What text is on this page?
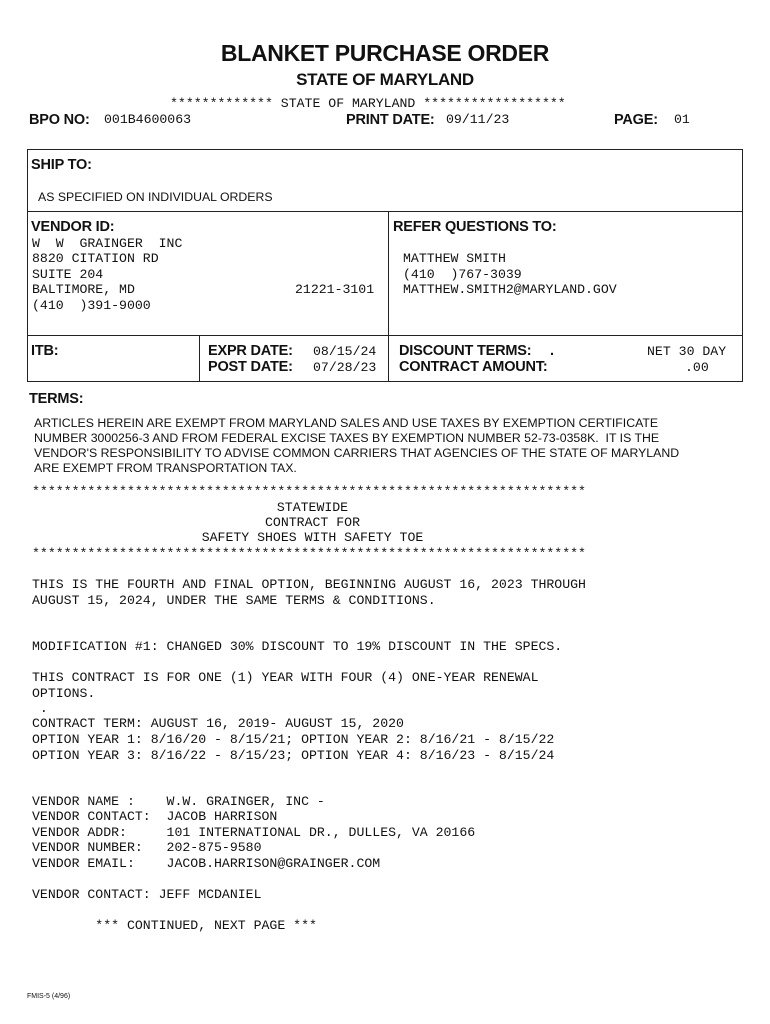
BLANKET PURCHASE ORDER
STATE OF MARYLAND
************* STATE OF MARYLAND ******************
BPO NO: 001B4600063	PRINT DATE: 09/11/23	PAGE: 01
SHIP TO:
AS SPECIFIED ON INDIVIDUAL ORDERS
VENDOR ID:
W  W  GRAINGER  INC
8820 CITATION RD
SUITE 204
BALTIMORE, MD
(410  )391-9000
21221-3101
REFER QUESTIONS TO:
MATTHEW SMITH
(410  )767-3039
MATTHEW.SMITH2@MARYLAND.GOV
ITB:	EXPR DATE: 08/15/24
POST DATE: 07/28/23
DISCOUNT TERMS: .	NET 30 DAY
CONTRACT AMOUNT:	.00
TERMS:
ARTICLES HEREIN ARE EXEMPT FROM MARYLAND SALES AND USE TAXES BY EXEMPTION CERTIFICATE
NUMBER 3000256-3 AND FROM FEDERAL EXCISE TAXES BY EXEMPTION NUMBER 52-73-0358K.  IT IS THE
VENDOR'S RESPONSIBILITY TO ADVISE COMMON CARRIERS THAT AGENCIES OF THE STATE OF MARYLAND
ARE EXEMPT FROM TRANSPORTATION TAX.
**********************************************************************
STATEWIDE
CONTRACT FOR
SAFETY SHOES WITH SAFETY TOE
**********************************************************************
THIS IS THE FOURTH AND FINAL OPTION, BEGINNING AUGUST 16, 2023 THROUGH
AUGUST 15, 2024, UNDER THE SAME TERMS & CONDITIONS.
MODIFICATION #1: CHANGED 30% DISCOUNT TO 19% DISCOUNT IN THE SPECS.
THIS CONTRACT IS FOR ONE (1) YEAR WITH FOUR (4) ONE-YEAR RENEWAL
OPTIONS.
.
CONTRACT TERM: AUGUST 16, 2019- AUGUST 15, 2020
OPTION YEAR 1: 8/16/20 - 8/15/21; OPTION YEAR 2: 8/16/21 - 8/15/22
OPTION YEAR 3: 8/16/22 - 8/15/23; OPTION YEAR 4: 8/16/23 - 8/15/24
VENDOR NAME :    W.W. GRAINGER, INC -
VENDOR CONTACT:  JACOB HARRISON
VENDOR ADDR:     101 INTERNATIONAL DR., DULLES, VA 20166
VENDOR NUMBER:   202-875-9580
VENDOR EMAIL:    JACOB.HARRISON@GRAINGER.COM
VENDOR CONTACT: JEFF MCDANIEL
*** CONTINUED, NEXT PAGE ***
FMIS-5 (4/96)
